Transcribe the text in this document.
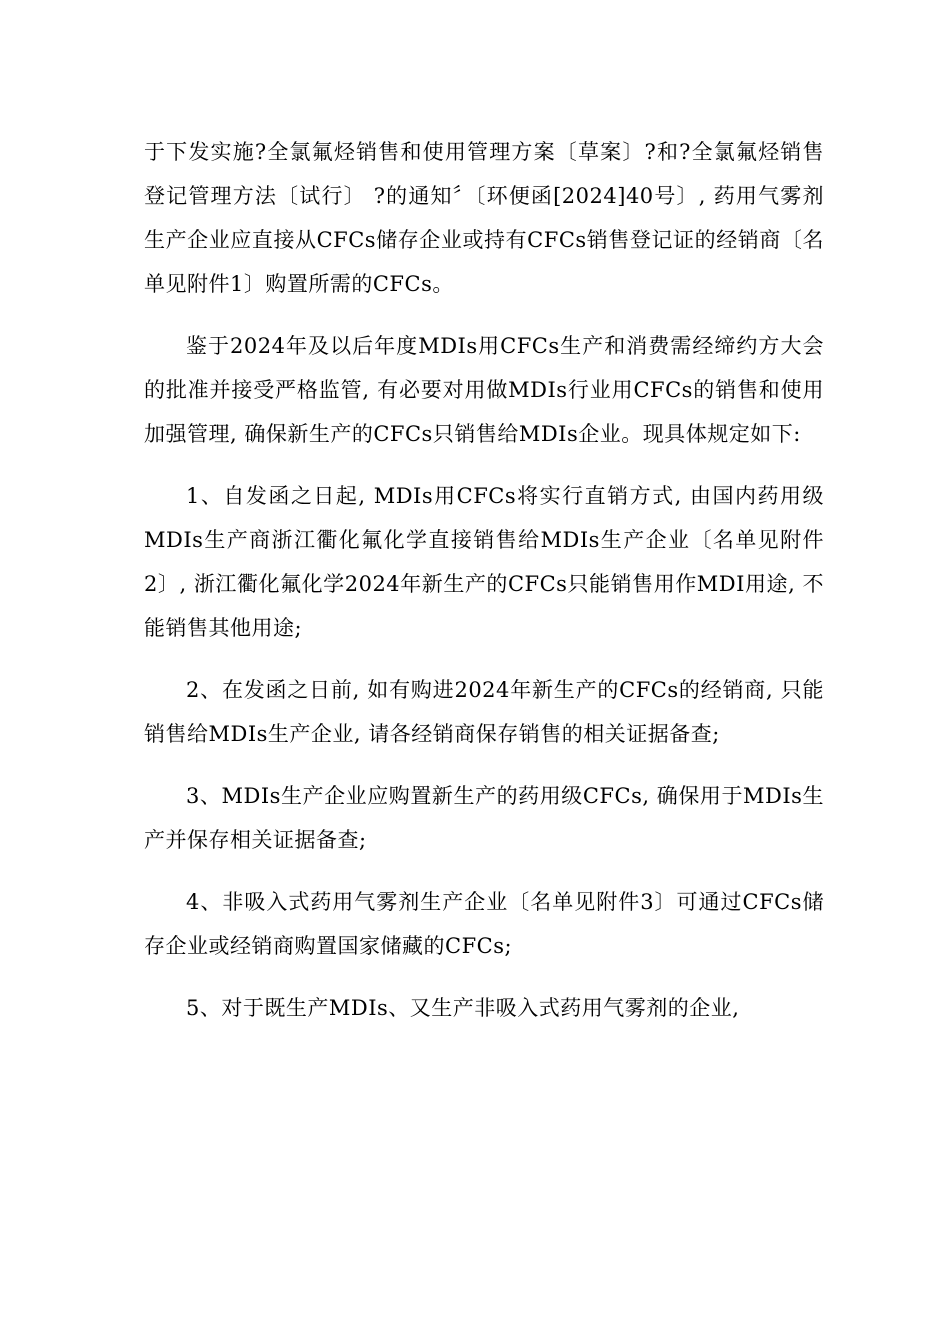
于下发实施?全氯氟烃销售和使用管理方案〔草案〕?和?全氯氟烃销售登记管理方法〔试行〕 ?的通知〞〔环便函[2024]40号〕, 药用气雾剂生产企业应直接从CFCs储存企业或持有CFCs销售登记证的经销商〔名单见附件1〕购置所需的CFCs。

鉴于2024年及以后年度MDIs用CFCs生产和消费需经缔约方大会的批准并接受严格监管, 有必要对用做MDIs行业用CFCs的销售和使用加强管理, 确保新生产的CFCs只销售给MDIs企业。现具体规定如下:

1、自发函之日起, MDIs用CFCs将实行直销方式, 由国内药用级MDIs生产商浙江衢化氟化学直接销售给MDIs生产企业〔名单见附件2〕, 浙江衢化氟化学2024年新生产的CFCs只能销售用作MDI用途, 不能销售其他用途;

2、在发函之日前, 如有购进2024年新生产的CFCs的经销商, 只能销售给MDIs生产企业, 请各经销商保存销售的相关证据备查;

3、MDIs生产企业应购置新生产的药用级CFCs, 确保用于MDIs生产并保存相关证据备查;

4、非吸入式药用气雾剂生产企业〔名单见附件3〕可通过CFCs储存企业或经销商购置国家储藏的CFCs;

5、对于既生产MDIs、又生产非吸入式药用气雾剂的企业,
